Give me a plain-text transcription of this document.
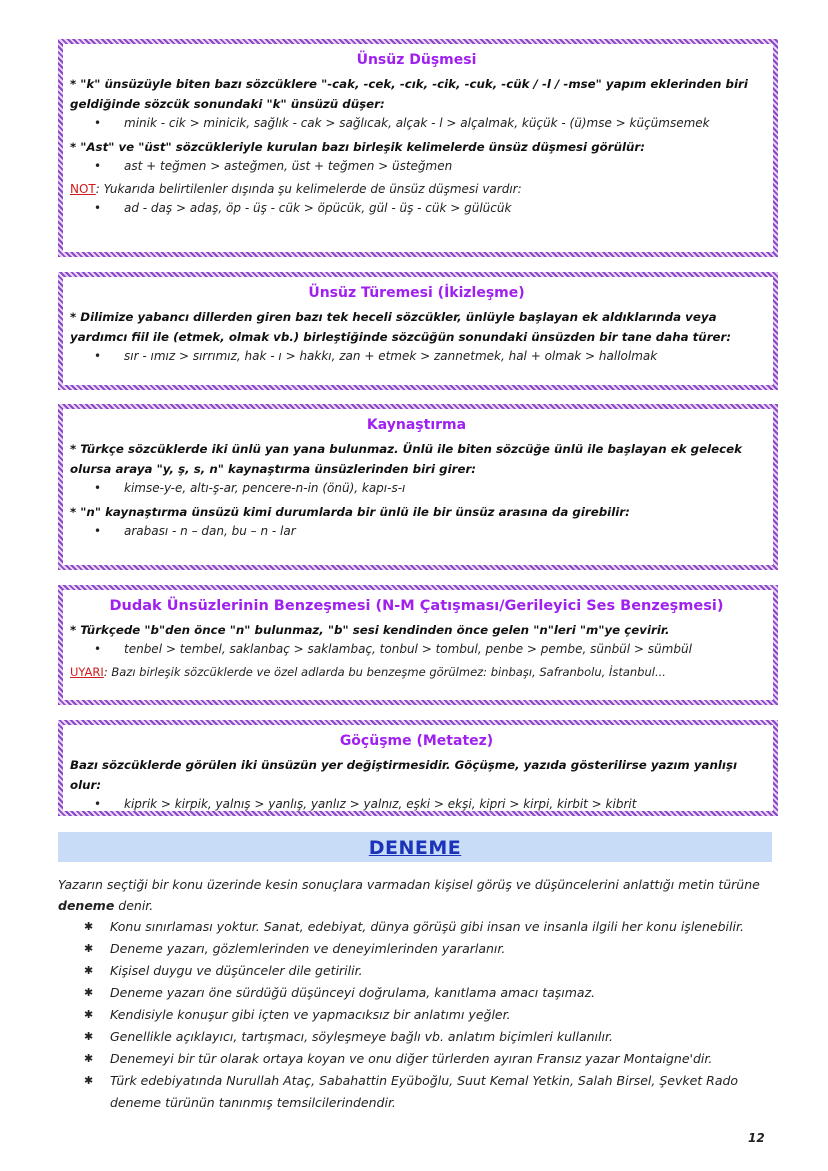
Ünsüz Düşmesi
* "k" ünsüzüyle biten bazı sözcüklere "-cak, -cek, -cık, -cik, -cuk, -cük / -l / -mse" yapım eklerinden biri geldiğinde sözcük sonundaki "k" ünsüzü düşer:
• minik - cik > minicik, sağlık - cak > sağlıcak, alçak - l > alçalmak, küçük - (ü)mse > küçümsemek
* "Ast" ve "üst" sözcükleriyle kurulan bazı birleşik kelimelerde ünsüz düşmesi görülür:
• ast + teğmen > asteğmen, üst + teğmen > üsteğmen
NOT: Yukarıda belirtilenler dışında şu kelimelerde de ünsüz düşmesi vardır:
• ad - daş > adaş, öp - üş - cük > öpücük, gül - üş - cük > gülücük
Ünsüz Türemesi (İkizleşme)
* Dilimize yabancı dillerden giren bazı tek heceli sözcükler, ünlüyle başlayan ek aldıklarında veya yardımcı fiil ile (etmek, olmak vb.) birleştiğinde sözcüğün sonundaki ünsüzden bir tane daha türer:
• sır - ımız > sırrımız, hak - ı > hakkı, zan + etmek > zannetmek, hal + olmak > hallolmak
Kaynaştırma
* Türkçe sözcüklerde iki ünlü yan yana bulunmaz. Ünlü ile biten sözcüğe ünlü ile başlayan ek gelecek olursa araya "y, ş, s, n" kaynaştırma ünsüzlerinden biri girer:
• kimse-y-e, altı-ş-ar, pencere-n-in (önü), kapı-s-ı
* "n" kaynaştırma ünsüzü kimi durumlarda bir ünlü ile bir ünsüz arasına da girebilir:
• arabası - n – dan, bu – n - lar
Dudak Ünsüzlerinin Benzeşmesi (N-M Çatışması/Gerileyici Ses Benzeşmesi)
* Türkçede "b"den önce "n" bulunmaz, "b" sesi kendinden önce gelen "n"leri "m"ye çevirir.
• tenbel > tembel, saklanbaç > saklambaç, tonbul > tombul, penbe > pembe, sünbül > sümbül
UYARI: Bazı birleşik sözcüklerde ve özel adlarda bu benzeşme görülmez: binbaşı, Safranbolu, İstanbul...
Göçüşme (Metatez)
Bazı sözcüklerde görülen iki ünsüzün yer değiştirmesidir. Göçüşme, yazıda gösterilirse yazım yanlışı olur:
• kiprik > kirpik, yalnış > yanlış, yanlız > yalnız, eşki > ekşi, kipri > kirpi, kirbit > kibrit
DENEME
Yazarın seçtiği bir konu üzerinde kesin sonuçlara varmadan kişisel görüş ve düşüncelerini anlattığı metin türüne
deneme denir.
✱ Konu sınırlaması yoktur. Sanat, edebiyat, dünya görüşü gibi insan ve insanla ilgili her konu işlenebilir.
✱ Deneme yazarı, gözlemlerinden ve deneyimlerinden yararlanır.
✱ Kişisel duygu ve düşünceler dile getirilir.
✱ Deneme yazarı öne sürdüğü düşünceyi doğrulama, kanıtlama amacı taşımaz.
✱ Kendisiyle konuşur gibi içten ve yapmacıksız bir anlatımı yeğler.
✱ Genellikle açıklayıcı, tartışmacı, söyleşmeye bağlı vb. anlatım biçimleri kullanılır.
✱ Denemeyi bir tür olarak ortaya koyan ve onu diğer türlerden ayıran Fransız yazar Montaigne'dir.
✱ Türk edebiyatında Nurullah Ataç, Sabahattin Eyüboğlu, Suut Kemal Yetkin, Salah Birsel, Şevket Rado deneme türünün tanınmış temsilcilerindendir.
12
